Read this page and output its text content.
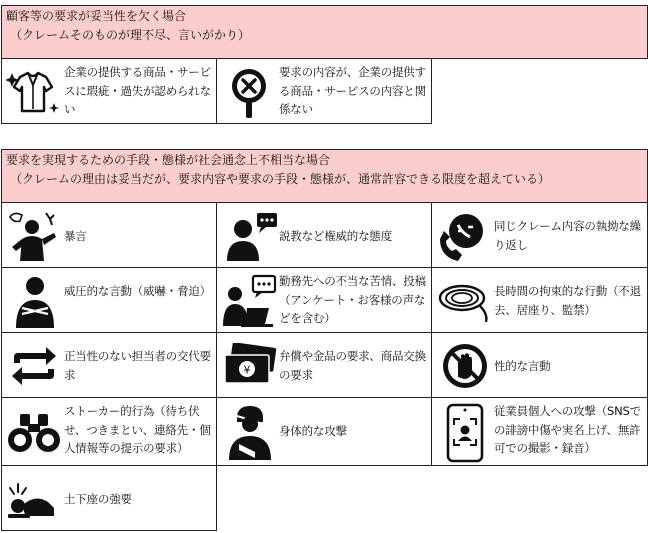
顧客等の要求が妥当性を欠く場合
（クレームそのものが理不尽、言いがかり）
企業の提供する商品・サービスに瑕疵・過失が認められない
要求の内容が、企業の提供する商品・サービスの内容と関係ない
要求を実現するための手段・態様が社会通念上不相当な場合
（クレームの理由は妥当だが、要求内容や要求の手段・態様が、通常許容できる限度を超えている）
暴言	説教など権威的な態度
同じクレーム内容の執拗な繰り返し
威圧的な言動（威嚇・脅迫）
勤務先への不当な苦情、投稿（アンケート・お客様の声などを含む）
長時間の拘束的な行動（不退去、居座り、監禁）
正当性のない担当者の交代要求	¥
弁償や金品の要求、商品交換の要求
性的な言動
ストーカー的行為（待ち伏せ、つきまとい、連絡先・個人情報等の提示の要求）
身体的な攻撃
従業員個人への攻撃（SNSでの誹謗中傷や実名上げ、無許可での撮影・録音）
土下座の強要
